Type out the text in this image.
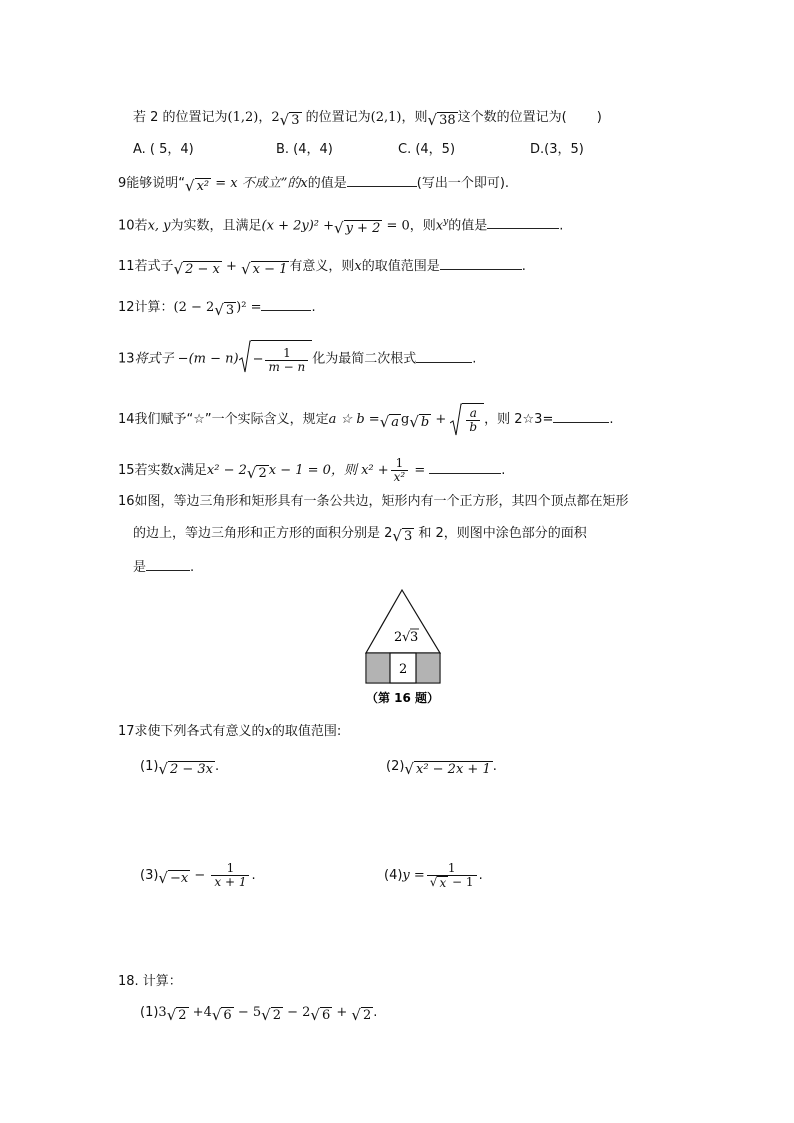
若 2 的位置记为(1,2)，2 √ 3 的位置记为(2,1)，则 √ 38 这个数的位置记为( )
A. ( 5，4)	B. (4，4)	C. (4，5)	D.(3，5)
9能够说明“ √ x² = x 不成立”的x的值是	(写出一个即可).
10若x, y为实数，且满足(x + 2y)² + √ y + 2 = 0，则$x^y$的值是	.
11若式子 √ 2 − x + √ x − 1 有意义，则x的取值范围是	.
12计算：(2 − 2 √ 3 )² =	.
13将式子 $-(m - n) - \frac{1}{m - n}$ 化为最简二次根式	.
14我们赋予“☆”一个实际含义，规定a ☆ b = √ a g √ $b + \frac{a}{b}$ ，则 2☆3=	.
15若实数x满足x² − 2 √ 2 x − 1 = 0，则 $x^2 + \frac{1}{\text{x²}}$ =	.
16如图，等边三角形和矩形具有一条公共边，矩形内有一个正方形，其四个顶点都在矩形
的边上，等边三角形和正方形的面积分别是 2 √ 3 和 2，则图中涂色部分的面积
是	.
2 √ 3
2
（第 16 题）
17求使下列各式有意义的x的取值范围:
(1) √ 2 − 3x .	(2) √ x² − 2x + 1 .
(3) √ $-x - \frac{1}{x + 1}$ .	$(4)y = \frac{1}{√ x - 1}$ .
18. 计算：
(1)3 √ 2 +4 √ 6 − 5 √ 2 − 2 √ 6 + √ 2 .
